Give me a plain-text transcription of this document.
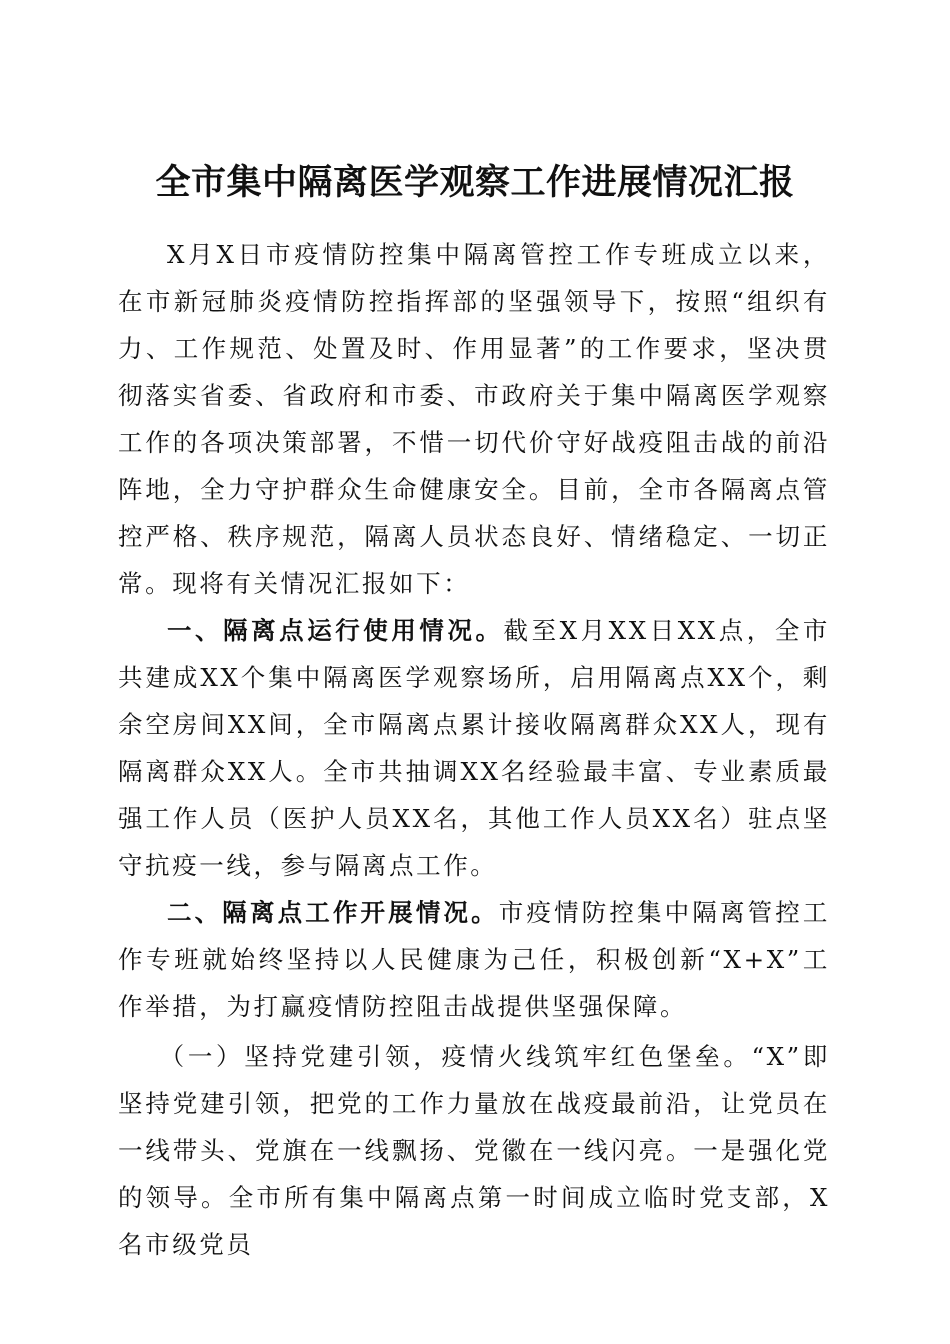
全市集中隔离医学观察工作进展情况汇报

X月X日市疫情防控集中隔离管控工作专班成立以来，在市新冠肺炎疫情防控指挥部的坚强领导下，按照“组织有力、工作规范、处置及时、作用显著”的工作要求，坚决贯彻落实省委、省政府和市委、市政府关于集中隔离医学观察工作的各项决策部署，不惜一切代价守好战疫阻击战的前沿阵地，全力守护群众生命健康安全。目前，全市各隔离点管控严格、秩序规范，隔离人员状态良好、情绪稳定、一切正常。现将有关情况汇报如下：

一、隔离点运行使用情况。截至X月XX日XX点，全市共建成XX个集中隔离医学观察场所，启用隔离点XX个，剩余空房间XX间，全市隔离点累计接收隔离群众XX人，现有隔离群众XX人。全市共抽调XX名经验最丰富、专业素质最强工作人员（医护人员XX名，其他工作人员XX名）驻点坚守抗疫一线，参与隔离点工作。

二、隔离点工作开展情况。市疫情防控集中隔离管控工作专班就始终坚持以人民健康为己任，积极创新“X+X”工作举措，为打赢疫情防控阻击战提供坚强保障。

（一）坚持党建引领，疫情火线筑牢红色堡垒。“X”即坚持党建引领，把党的工作力量放在战疫最前沿，让党员在一线带头、党旗在一线飘扬、党徽在一线闪亮。一是强化党的领导。全市所有集中隔离点第一时间成立临时党支部，X名市级党员
